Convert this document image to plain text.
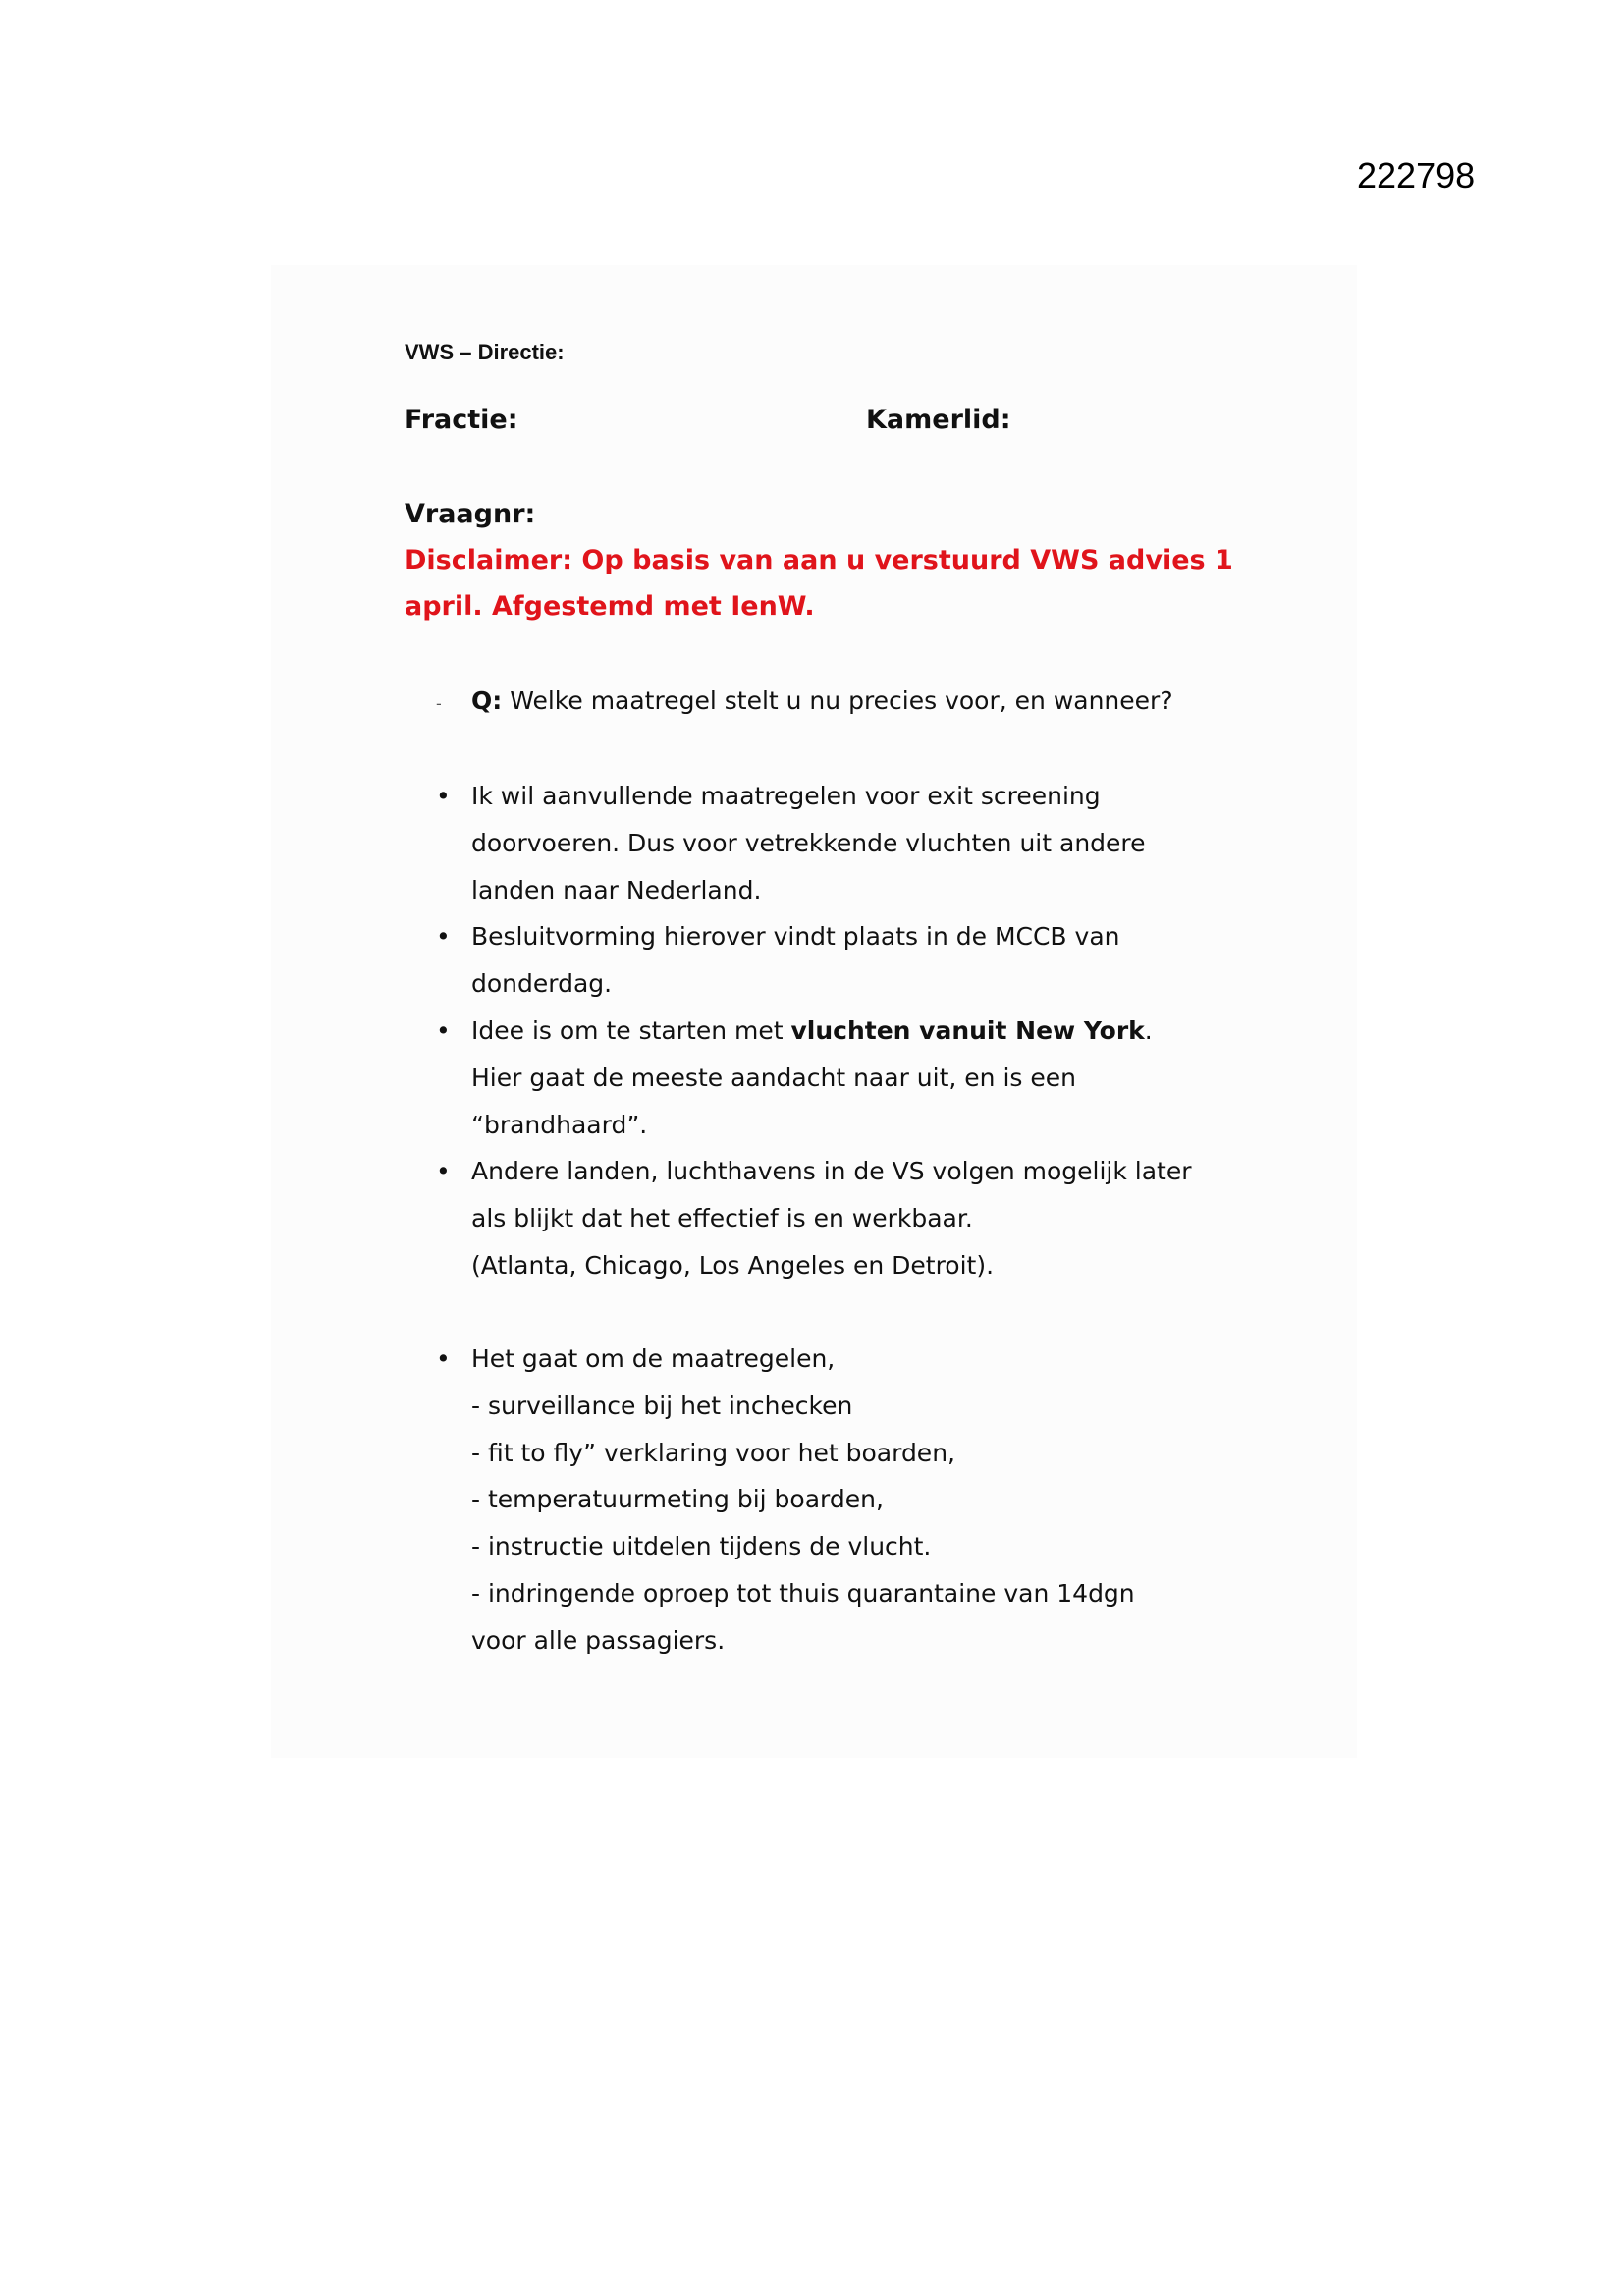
222798
VWS – Directie:
Fractie:	Kamerlid:
Vraagnr:
Disclaimer: Op basis van aan u verstuurd VWS advies 1
april. Afgestemd met IenW.
- Q: Welke maatregel stelt u nu precies voor, en wanneer?
• Ik wil aanvullende maatregelen voor exit screening
doorvoeren. Dus voor vetrekkende vluchten uit andere
landen naar Nederland.
• Besluitvorming hierover vindt plaats in de MCCB van
donderdag.
• Idee is om te starten met vluchten vanuit New York.
Hier gaat de meeste aandacht naar uit, en is een
“brandhaard”.
• Andere landen, luchthavens in de VS volgen mogelijk later
als blijkt dat het effectief is en werkbaar.
(Atlanta, Chicago, Los Angeles en Detroit).
• Het gaat om de maatregelen,
- surveillance bij het inchecken
- fit to fly” verklaring voor het boarden,
- temperatuurmeting bij boarden,
- instructie uitdelen tijdens de vlucht.
- indringende oproep tot thuis quarantaine van 14dgn
voor alle passagiers.
